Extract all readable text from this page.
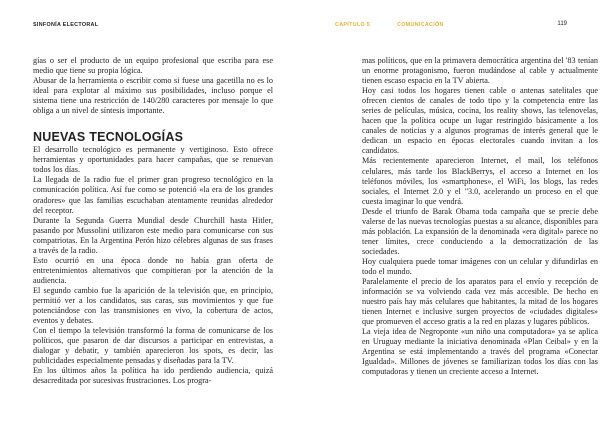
SINFONÍA ELECTORAL

gías o ser el producto de un equipo profesional que escriba para ese medio que tiene su propia lógica.

Abusar de la herramienta o escribir como si fuese una gacetilla no es lo ideal para explotar al máximo sus posibilidades, incluso porque el sistema tiene una restricción de 140/280 caracteres por mensaje lo que obliga a un nivel de síntesis importante.

NUEVAS TECNOLOGÍAS

El desarrollo tecnológico es permanente y vertiginoso. Esto ofrece herramientas y oportunidades para hacer campañas, que se renuevan todos los días.

La llegada de la radio fue el primer gran progreso tecnológico en la comunicación política. Así fue como se potenció «la era de los grandes oradores» que las familias escuchaban atentamente reunidas alrededor del receptor.

Durante la Segunda Guerra Mundial desde Churchill hasta Hitler, pasando por Mussolini utilizaron este medio para comunicarse con sus compatriotas. En la Argentina Perón hizo célebres algunas de sus frases a través de la radio.

Esto ocurrió en una época donde no había gran oferta de entretenimientos alternativos que compitieran por la atención de la audiencia.

El segundo cambio fue la aparición de la televisión que, en principio, permitió ver a los candidatos, sus caras, sus movimientos y que fue potenciándose con las transmisiones en vivo, la cobertura de actos, eventos y debates.

Con el tiempo la televisión transformó la forma de comunicarse de los políticos, que pasaron de dar discursos a participar en entrevistas, a dialogar y debatir, y también aparecieron los spots, es decir, las publicidades especialmente pensadas y diseñadas para la TV.

En los últimos años la política ha ido perdiendo audiencia, quizá desacreditada por sucesivas frustraciones. Los progra-

CAPÍTULO 5	COMUNICACIÓN	119

mas políticos, que en la primavera democrática argentina del '83 tenían un enorme protagonismo, fueron mudándose al cable y actualmente tienen escaso espacio en la TV abierta.

Hoy casi todos los hogares tienen cable o antenas satelitales que ofrecen cientos de canales de todo tipo y la competencia entre las series de películas, música, cocina, los reality shows, las telenovelas, hacen que la política ocupe un lugar restringido básicamente a los canales de noticias y a algunos programas de interés general que le dedican un espacio en épocas electorales cuando invitan a los candidatos.

Más recientemente aparecieron Internet, el mail, los teléfonos celulares, más tarde los BlackBerrys, el acceso a Internet en los teléfonos móviles, los «smartphones», el WiFi, los blogs, las redes sociales, el Internet 2.0 y el "3.0, acelerando un proceso en el que cuesta imaginar lo que vendrá.

Desde el triunfo de Barak Obama toda campaña que se precie debe valerse de las nuevas tecnologías puestas a su alcance, disponibles para más población. La expansión de la denominada «era digital» parece no tener límites, crece conduciendo a la democratización de las sociedades.

Hoy cualquiera puede tomar imágenes con un celular y difundirlas en todo el mundo.

Paralelamente el precio de los aparatos para el envío y recepción de información se va volviendo cada vez más accesible. De hecho en nuestro país hay más celulares que habitantes, la mitad de los hogares tienen Internet e inclusive surgen proyectos de «ciudades digitales» que promueven el acceso gratis a la red en plazas y lugares públicos.

La vieja idea de Negroponte «un niño una computadora» ya se aplica en Uruguay mediante la iniciativa denominada «Plan Ceibal» y en la Argentina se está implementando a través del programa «Conectar Igualdad». Millones de jóvenes se familiarizan todos los días con las computadoras y tienen un creciente acceso a Internet.
